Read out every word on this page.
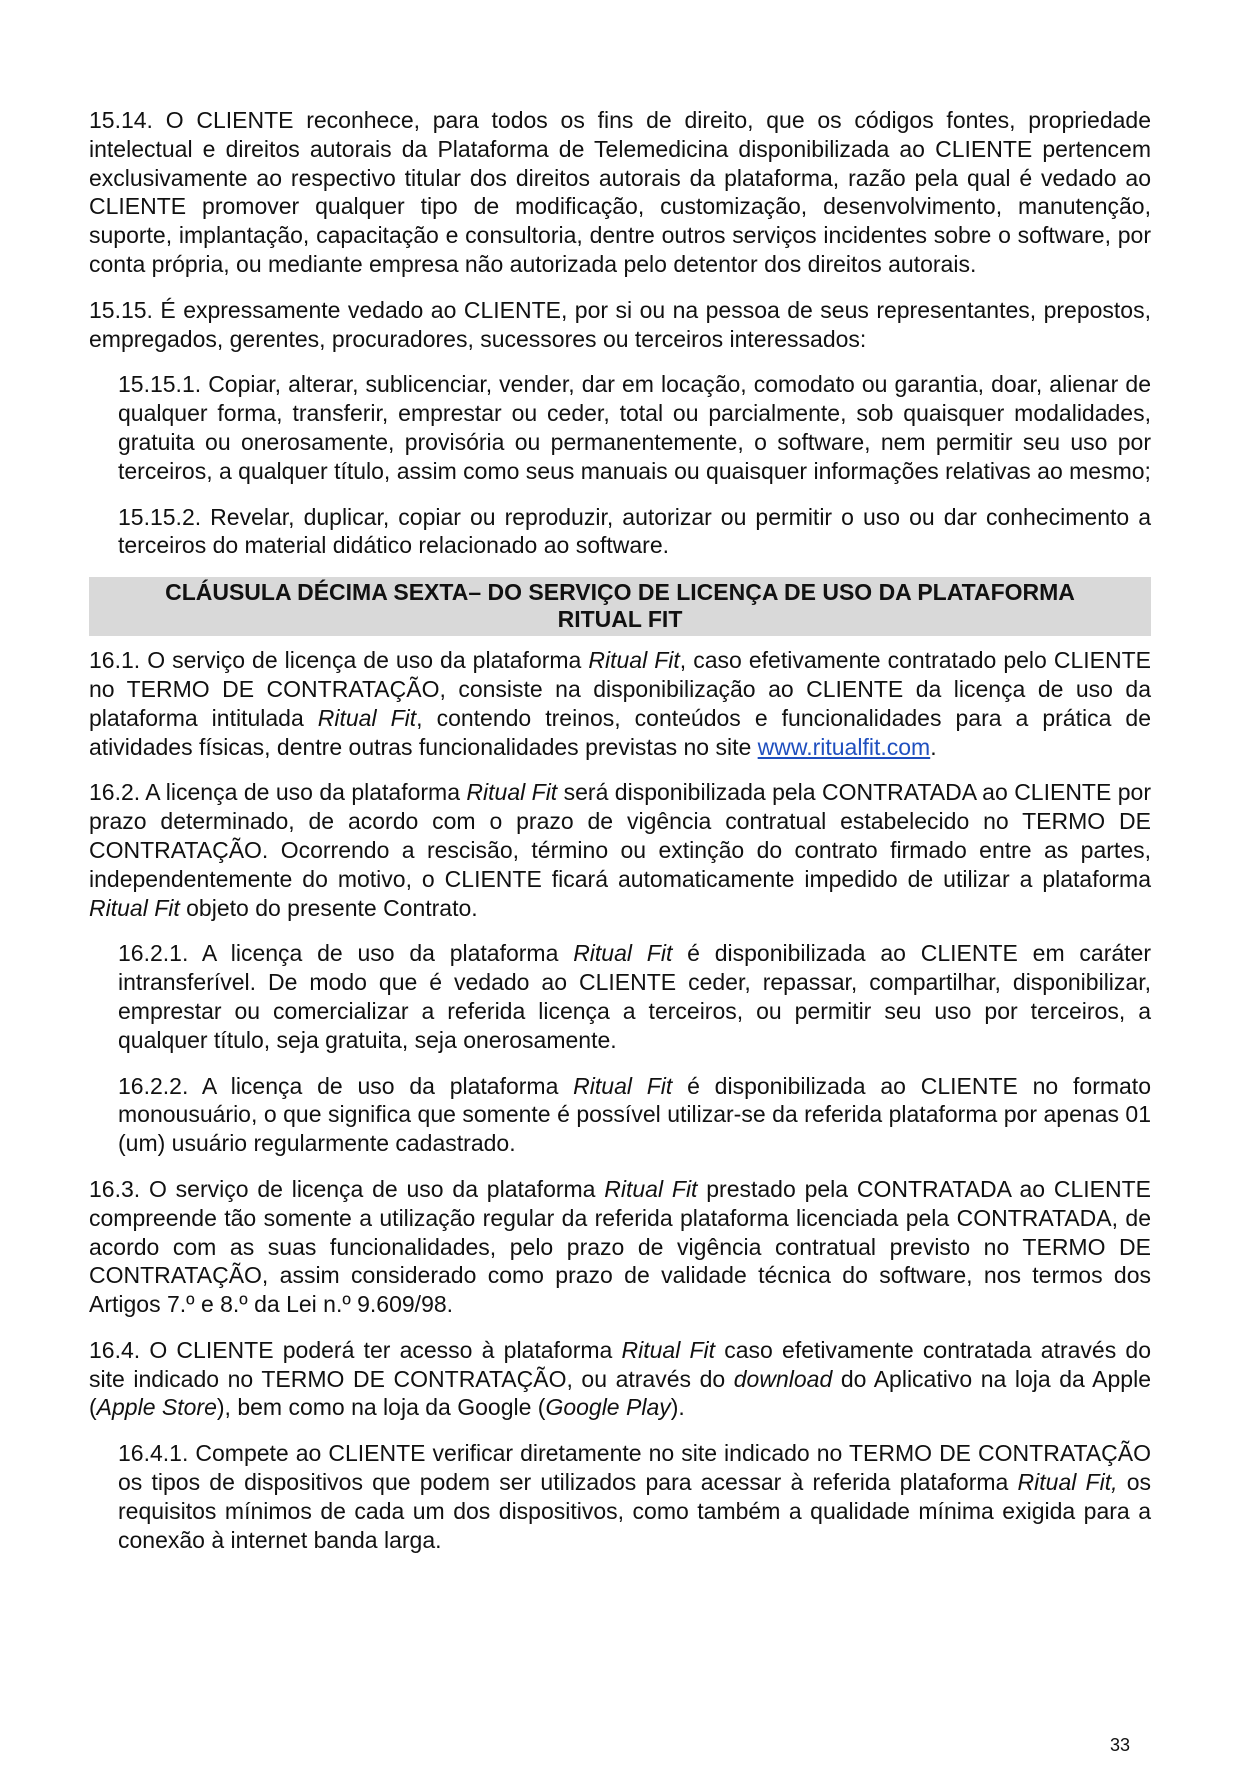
15.14. O CLIENTE reconhece, para todos os fins de direito, que os códigos fontes, propriedade intelectual e direitos autorais da Plataforma de Telemedicina disponibilizada ao CLIENTE pertencem exclusivamente ao respectivo titular dos direitos autorais da plataforma, razão pela qual é vedado ao CLIENTE promover qualquer tipo de modificação, customização, desenvolvimento, manutenção, suporte, implantação, capacitação e consultoria, dentre outros serviços incidentes sobre o software, por conta própria, ou mediante empresa não autorizada pelo detentor dos direitos autorais.

15.15. É expressamente vedado ao CLIENTE, por si ou na pessoa de seus representantes, prepostos, empregados, gerentes, procuradores, sucessores ou terceiros interessados:

15.15.1. Copiar, alterar, sublicenciar, vender, dar em locação, comodato ou garantia, doar, alienar de qualquer forma, transferir, emprestar ou ceder, total ou parcialmente, sob quaisquer modalidades, gratuita ou onerosamente, provisória ou permanentemente, o software, nem permitir seu uso por terceiros, a qualquer título, assim como seus manuais ou quaisquer informações relativas ao mesmo;

15.15.2. Revelar, duplicar, copiar ou reproduzir, autorizar ou permitir o uso ou dar conhecimento a terceiros do material didático relacionado ao software.

CLÁUSULA DÉCIMA SEXTA– DO SERVIÇO DE LICENÇA DE USO DA PLATAFORMA
RITUAL FIT

16.1. O serviço de licença de uso da plataforma Ritual Fit, caso efetivamente contratado pelo CLIENTE no TERMO DE CONTRATAÇÃO, consiste na disponibilização ao CLIENTE da licença de uso da plataforma intitulada Ritual Fit, contendo treinos, conteúdos e funcionalidades para a prática de atividades físicas, dentre outras funcionalidades previstas no site www.ritualfit.com.

16.2. A licença de uso da plataforma Ritual Fit será disponibilizada pela CONTRATADA ao CLIENTE por prazo determinado, de acordo com o prazo de vigência contratual estabelecido no TERMO DE CONTRATAÇÃO. Ocorrendo a rescisão, término ou extinção do contrato firmado entre as partes, independentemente do motivo, o CLIENTE ficará automaticamente impedido de utilizar a plataforma Ritual Fit objeto do presente Contrato.

16.2.1. A licença de uso da plataforma Ritual Fit é disponibilizada ao CLIENTE em caráter intransferível. De modo que é vedado ao CLIENTE ceder, repassar, compartilhar, disponibilizar, emprestar ou comercializar a referida licença a terceiros, ou permitir seu uso por terceiros, a qualquer título, seja gratuita, seja onerosamente.

16.2.2. A licença de uso da plataforma Ritual Fit é disponibilizada ao CLIENTE no formato monousuário, o que significa que somente é possível utilizar-se da referida plataforma por apenas 01 (um) usuário regularmente cadastrado.

16.3. O serviço de licença de uso da plataforma Ritual Fit prestado pela CONTRATADA ao CLIENTE compreende tão somente a utilização regular da referida plataforma licenciada pela CONTRATADA, de acordo com as suas funcionalidades, pelo prazo de vigência contratual previsto no TERMO DE CONTRATAÇÃO, assim considerado como prazo de validade técnica do software, nos termos dos Artigos 7.º e 8.º da Lei n.º 9.609/98.

16.4. O CLIENTE poderá ter acesso à plataforma Ritual Fit caso efetivamente contratada através do site indicado no TERMO DE CONTRATAÇÃO, ou através do download do Aplicativo na loja da Apple (Apple Store), bem como na loja da Google (Google Play).

16.4.1. Compete ao CLIENTE verificar diretamente no site indicado no TERMO DE CONTRATAÇÃO os tipos de dispositivos que podem ser utilizados para acessar à referida plataforma Ritual Fit, os requisitos mínimos de cada um dos dispositivos, como também a qualidade mínima exigida para a conexão à internet banda larga.

33
